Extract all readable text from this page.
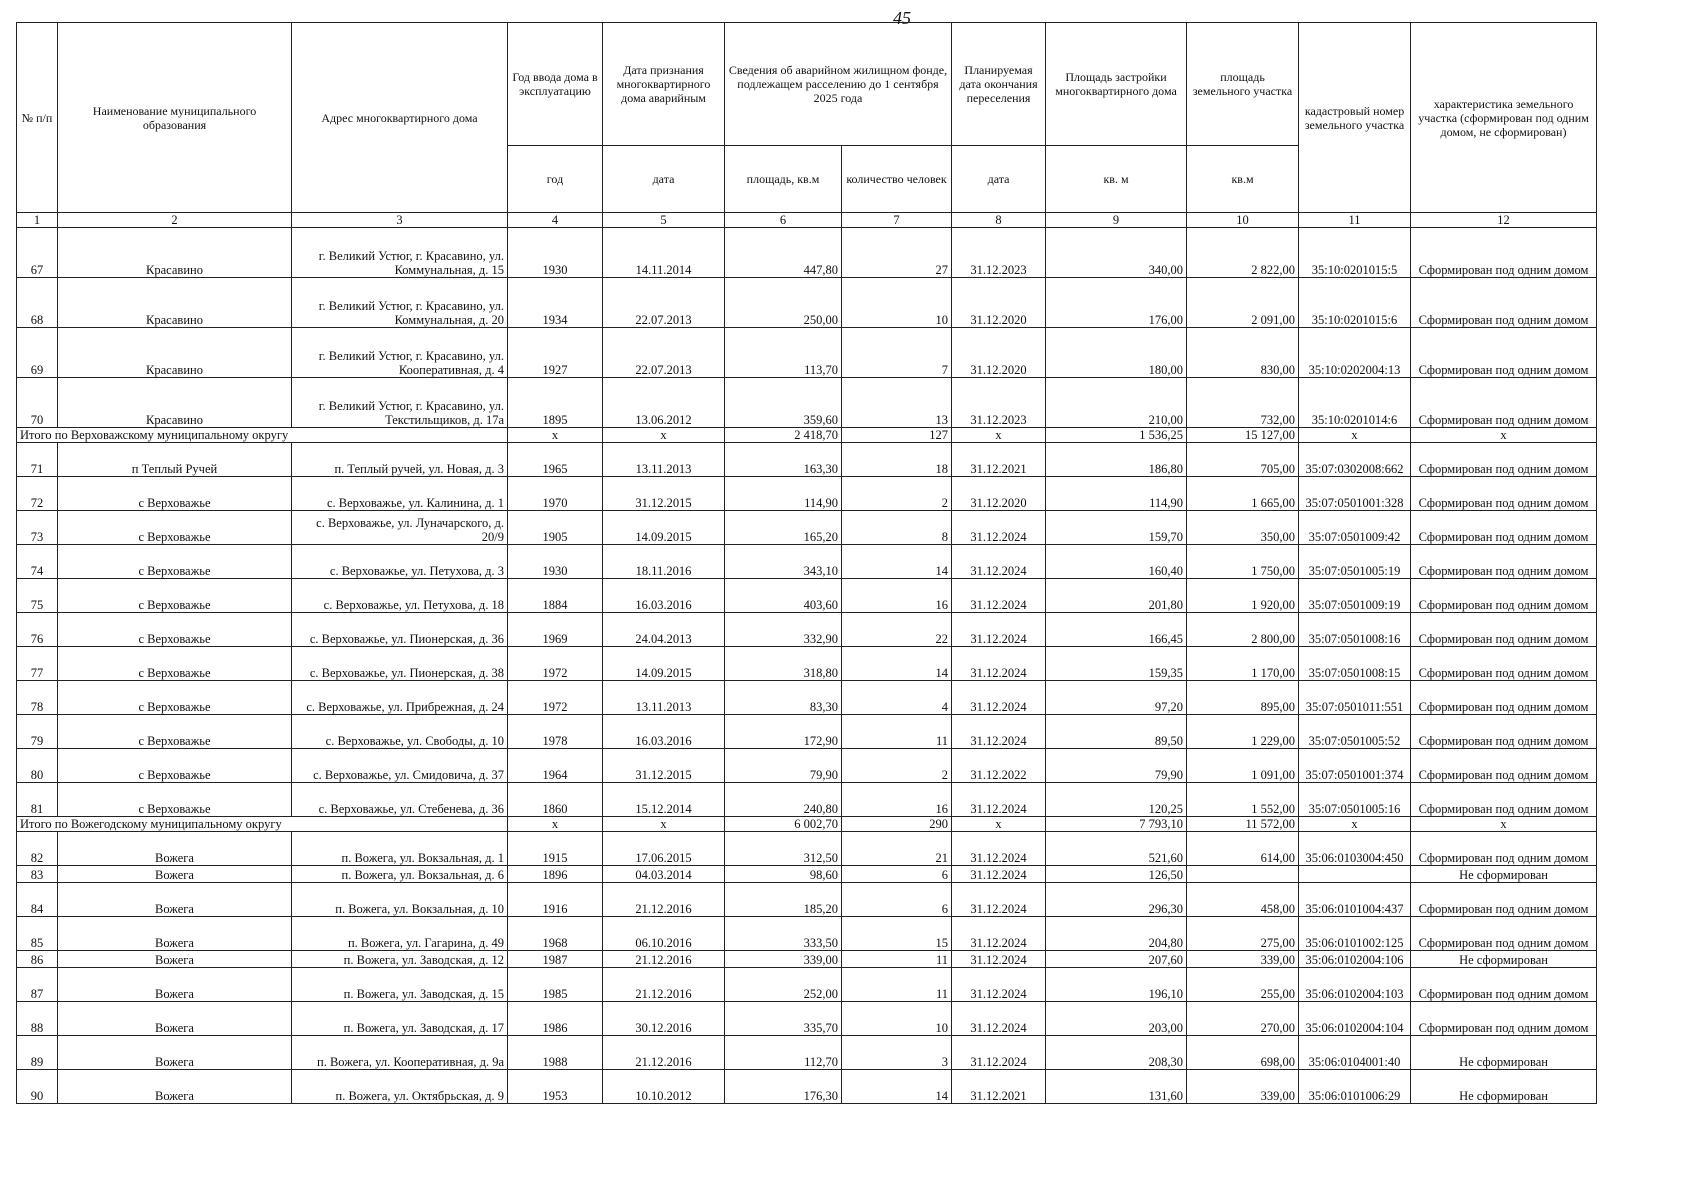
45
№ п/п	Наименование муниципального образования	Адрес многоквартирного дома	Год ввода дома в эксплуатацию	Дата признания многоквартирного дома аварийным	Сведения об аварийном жилищном фонде, подлежащем расселению до 1 сентября 2025 года		Планируемая дата окончания переселения	Площадь застройки многоквартирного дома	площадь земельного участка	кадастровый номер земельного участка	характеристика земельного участка (сформирован под одним домом, не сформирован)
			год	дата	площадь, кв.м	количество человек	дата	кв. м	кв.м		
1	2	3	4	5	6	7	8	9	10	11	12
67	Красавино	г. Великий Устюг, г. Красавино, ул. Коммунальная, д. 15	1930	14.11.2014	447,80	27	31.12.2023	340,00	2 822,00	35:10:0201015:5	Сформирован под одним домом
68	Красавино	г. Великий Устюг, г. Красавино, ул. Коммунальная, д. 20	1934	22.07.2013	250,00	10	31.12.2020	176,00	2 091,00	35:10:0201015:6	Сформирован под одним домом
69	Красавино	г. Великий Устюг, г. Красавино, ул. Кооперативная, д. 4	1927	22.07.2013	113,70	7	31.12.2020	180,00	830,00	35:10:0202004:13	Сформирован под одним домом
70	Красавино	г. Великий Устюг, г. Красавино, ул. Текстильщиков, д. 17а	1895	13.06.2012	359,60	13	31.12.2023	210,00	732,00	35:10:0201014:6	Сформирован под одним домом
Итого по Верховажскому муниципальному округу			x	x	2 418,70	127	x	1 536,25	15 127,00	x	x
71	п Теплый Ручей	п. Теплый ручей, ул. Новая, д. 3	1965	13.11.2013	163,30	18	31.12.2021	186,80	705,00	35:07:0302008:662	Сформирован под одним домом
72	с Верховажье	с. Верховажье, ул. Калинина, д. 1	1970	31.12.2015	114,90	2	31.12.2020	114,90	1 665,00	35:07:0501001:328	Сформирован под одним домом
73	с Верховажье	с. Верховажье, ул. Луначарского, д. 20/9	1905	14.09.2015	165,20	8	31.12.2024	159,70	350,00	35:07:0501009:42	Сформирован под одним домом
74	с Верховажье	с. Верховажье, ул. Петухова, д. 3	1930	18.11.2016	343,10	14	31.12.2024	160,40	1 750,00	35:07:0501005:19	Сформирован под одним домом
75	с Верховажье	с. Верховажье, ул. Петухова, д. 18	1884	16.03.2016	403,60	16	31.12.2024	201,80	1 920,00	35:07:0501009:19	Сформирован под одним домом
76	с Верховажье	с. Верховажье, ул. Пионерская, д. 36	1969	24.04.2013	332,90	22	31.12.2024	166,45	2 800,00	35:07:0501008:16	Сформирован под одним домом
77	с Верховажье	с. Верховажье, ул. Пионерская, д. 38	1972	14.09.2015	318,80	14	31.12.2024	159,35	1 170,00	35:07:0501008:15	Сформирован под одним домом
78	с Верховажье	с. Верховажье, ул. Прибрежная, д. 24	1972	13.11.2013	83,30	4	31.12.2024	97,20	895,00	35:07:0501011:551	Сформирован под одним домом
79	с Верховажье	с. Верховажье, ул. Свободы, д. 10	1978	16.03.2016	172,90	11	31.12.2024	89,50	1 229,00	35:07:0501005:52	Сформирован под одним домом
80	с Верховажье	с. Верховажье, ул. Смидовича, д. 37	1964	31.12.2015	79,90	2	31.12.2022	79,90	1 091,00	35:07:0501001:374	Сформирован под одним домом
81	с Верховажье	с. Верховажье, ул. Стебенева, д. 36	1860	15.12.2014	240,80	16	31.12.2024	120,25	1 552,00	35:07:0501005:16	Сформирован под одним домом
Итого по Вожегодскому муниципальному округу			x	x	6 002,70	290	x	7 793,10	11 572,00	x	x
82	Вожега	п. Вожега, ул. Вокзальная, д. 1	1915	17.06.2015	312,50	21	31.12.2024	521,60	614,00	35:06:0103004:450	Сформирован под одним домом
83	Вожега	п. Вожега, ул. Вокзальная, д. 6	1896	04.03.2014	98,60	6	31.12.2024	126,50			Не сформирован
84	Вожега	п. Вожега, ул. Вокзальная, д. 10	1916	21.12.2016	185,20	6	31.12.2024	296,30	458,00	35:06:0101004:437	Сформирован под одним домом
85	Вожега	п. Вожега, ул. Гагарина, д. 49	1968	06.10.2016	333,50	15	31.12.2024	204,80	275,00	35:06:0101002:125	Сформирован под одним домом
86	Вожега	п. Вожега, ул. Заводская, д. 12	1987	21.12.2016	339,00	11	31.12.2024	207,60	339,00	35:06:0102004:106	Не сформирован
87	Вожега	п. Вожега, ул. Заводская, д. 15	1985	21.12.2016	252,00	11	31.12.2024	196,10	255,00	35:06:0102004:103	Сформирован под одним домом
88	Вожега	п. Вожега, ул. Заводская, д. 17	1986	30.12.2016	335,70	10	31.12.2024	203,00	270,00	35:06:0102004:104	Сформирован под одним домом
89	Вожега	п. Вожега, ул. Кооперативная, д. 9а	1988	21.12.2016	112,70	3	31.12.2024	208,30	698,00	35:06:0104001:40	Не сформирован
90	Вожега	п. Вожега, ул. Октябрьская, д. 9	1953	10.10.2012	176,30	14	31.12.2021	131,60	339,00	35:06:0101006:29	Не сформирован
